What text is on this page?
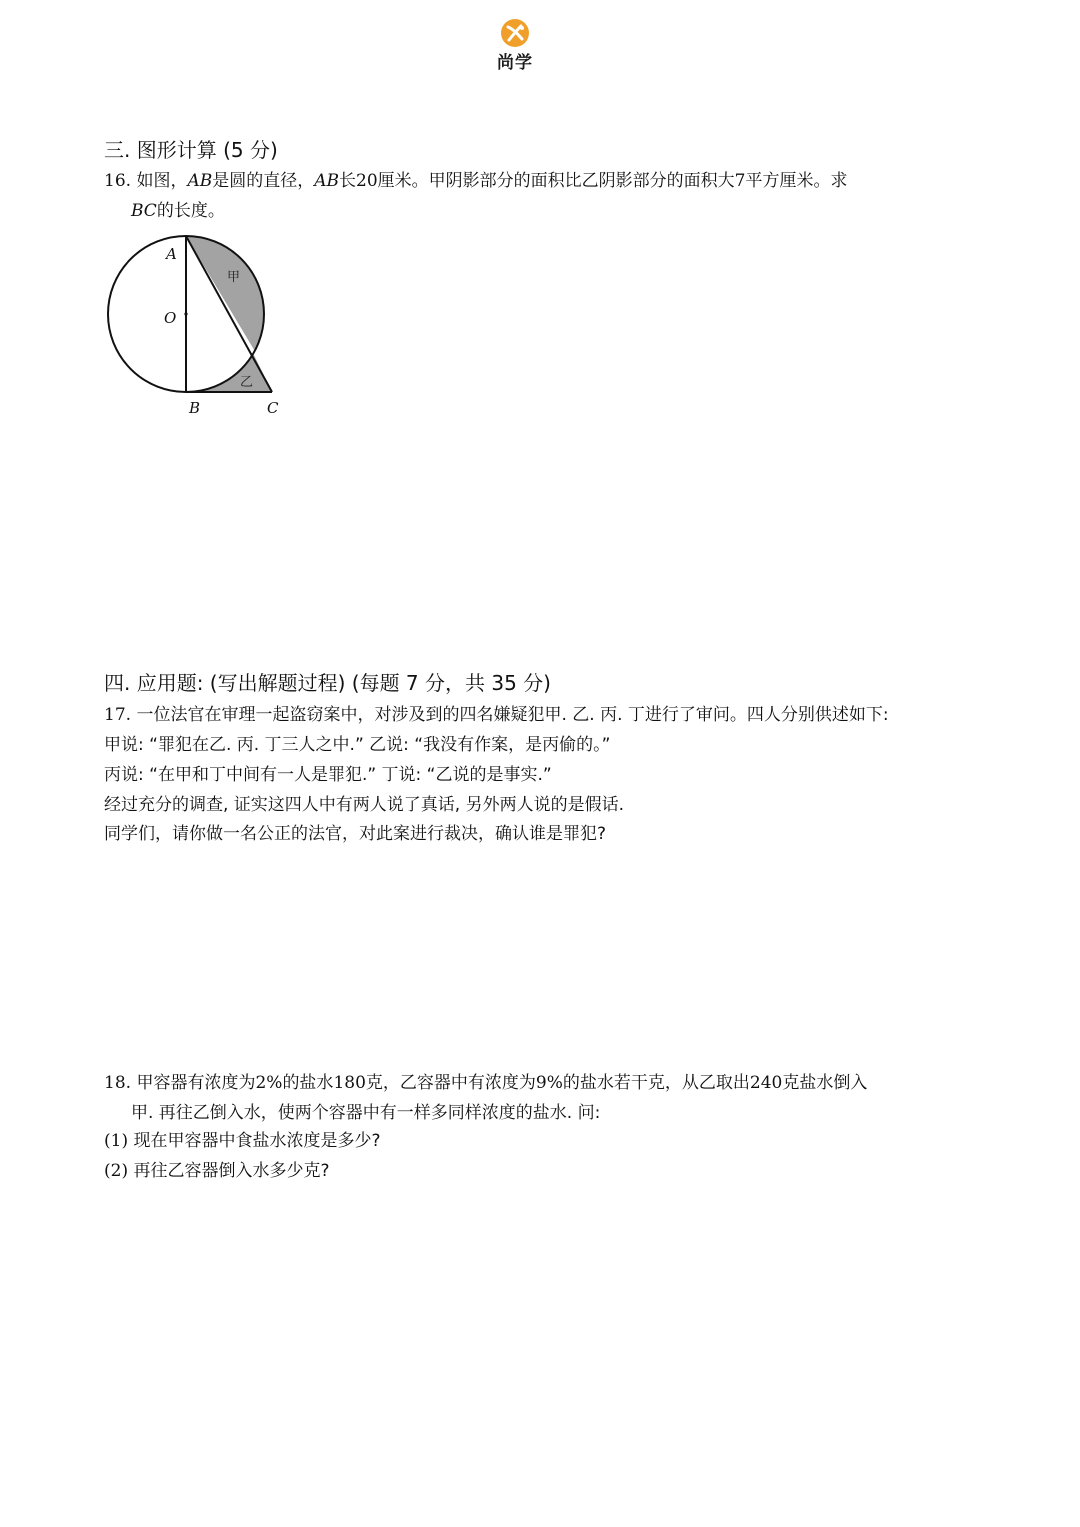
尚学
三. 图形计算 (5 分)
16. 如图，AB是圆的直径，AB长20厘米。甲阴影部分的面积比乙阴影部分的面积大7平方厘米。求
BC的长度。
A
O
B	C
甲
乙
四. 应用题: (写出解题过程) (每题 7 分，共 35 分)
17. 一位法官在审理一起盗窃案中，对涉及到的四名嫌疑犯甲. 乙. 丙. 丁进行了审问。四人分别供述如下:
甲说: “罪犯在乙. 丙. 丁三人之中.” 乙说: “我没有作案，是丙偷的。”
丙说: “在甲和丁中间有一人是罪犯.” 丁说: “乙说的是事实.”
经过充分的调查, 证实这四人中有两人说了真话, 另外两人说的是假话.
同学们，请你做一名公正的法官，对此案进行裁决，确认谁是罪犯?
18. 甲容器有浓度为2%的盐水180克，乙容器中有浓度为9%的盐水若干克，从乙取出240克盐水倒入
甲. 再往乙倒入水，使两个容器中有一样多同样浓度的盐水. 问:
(1) 现在甲容器中食盐水浓度是多少?
(2) 再往乙容器倒入水多少克?
